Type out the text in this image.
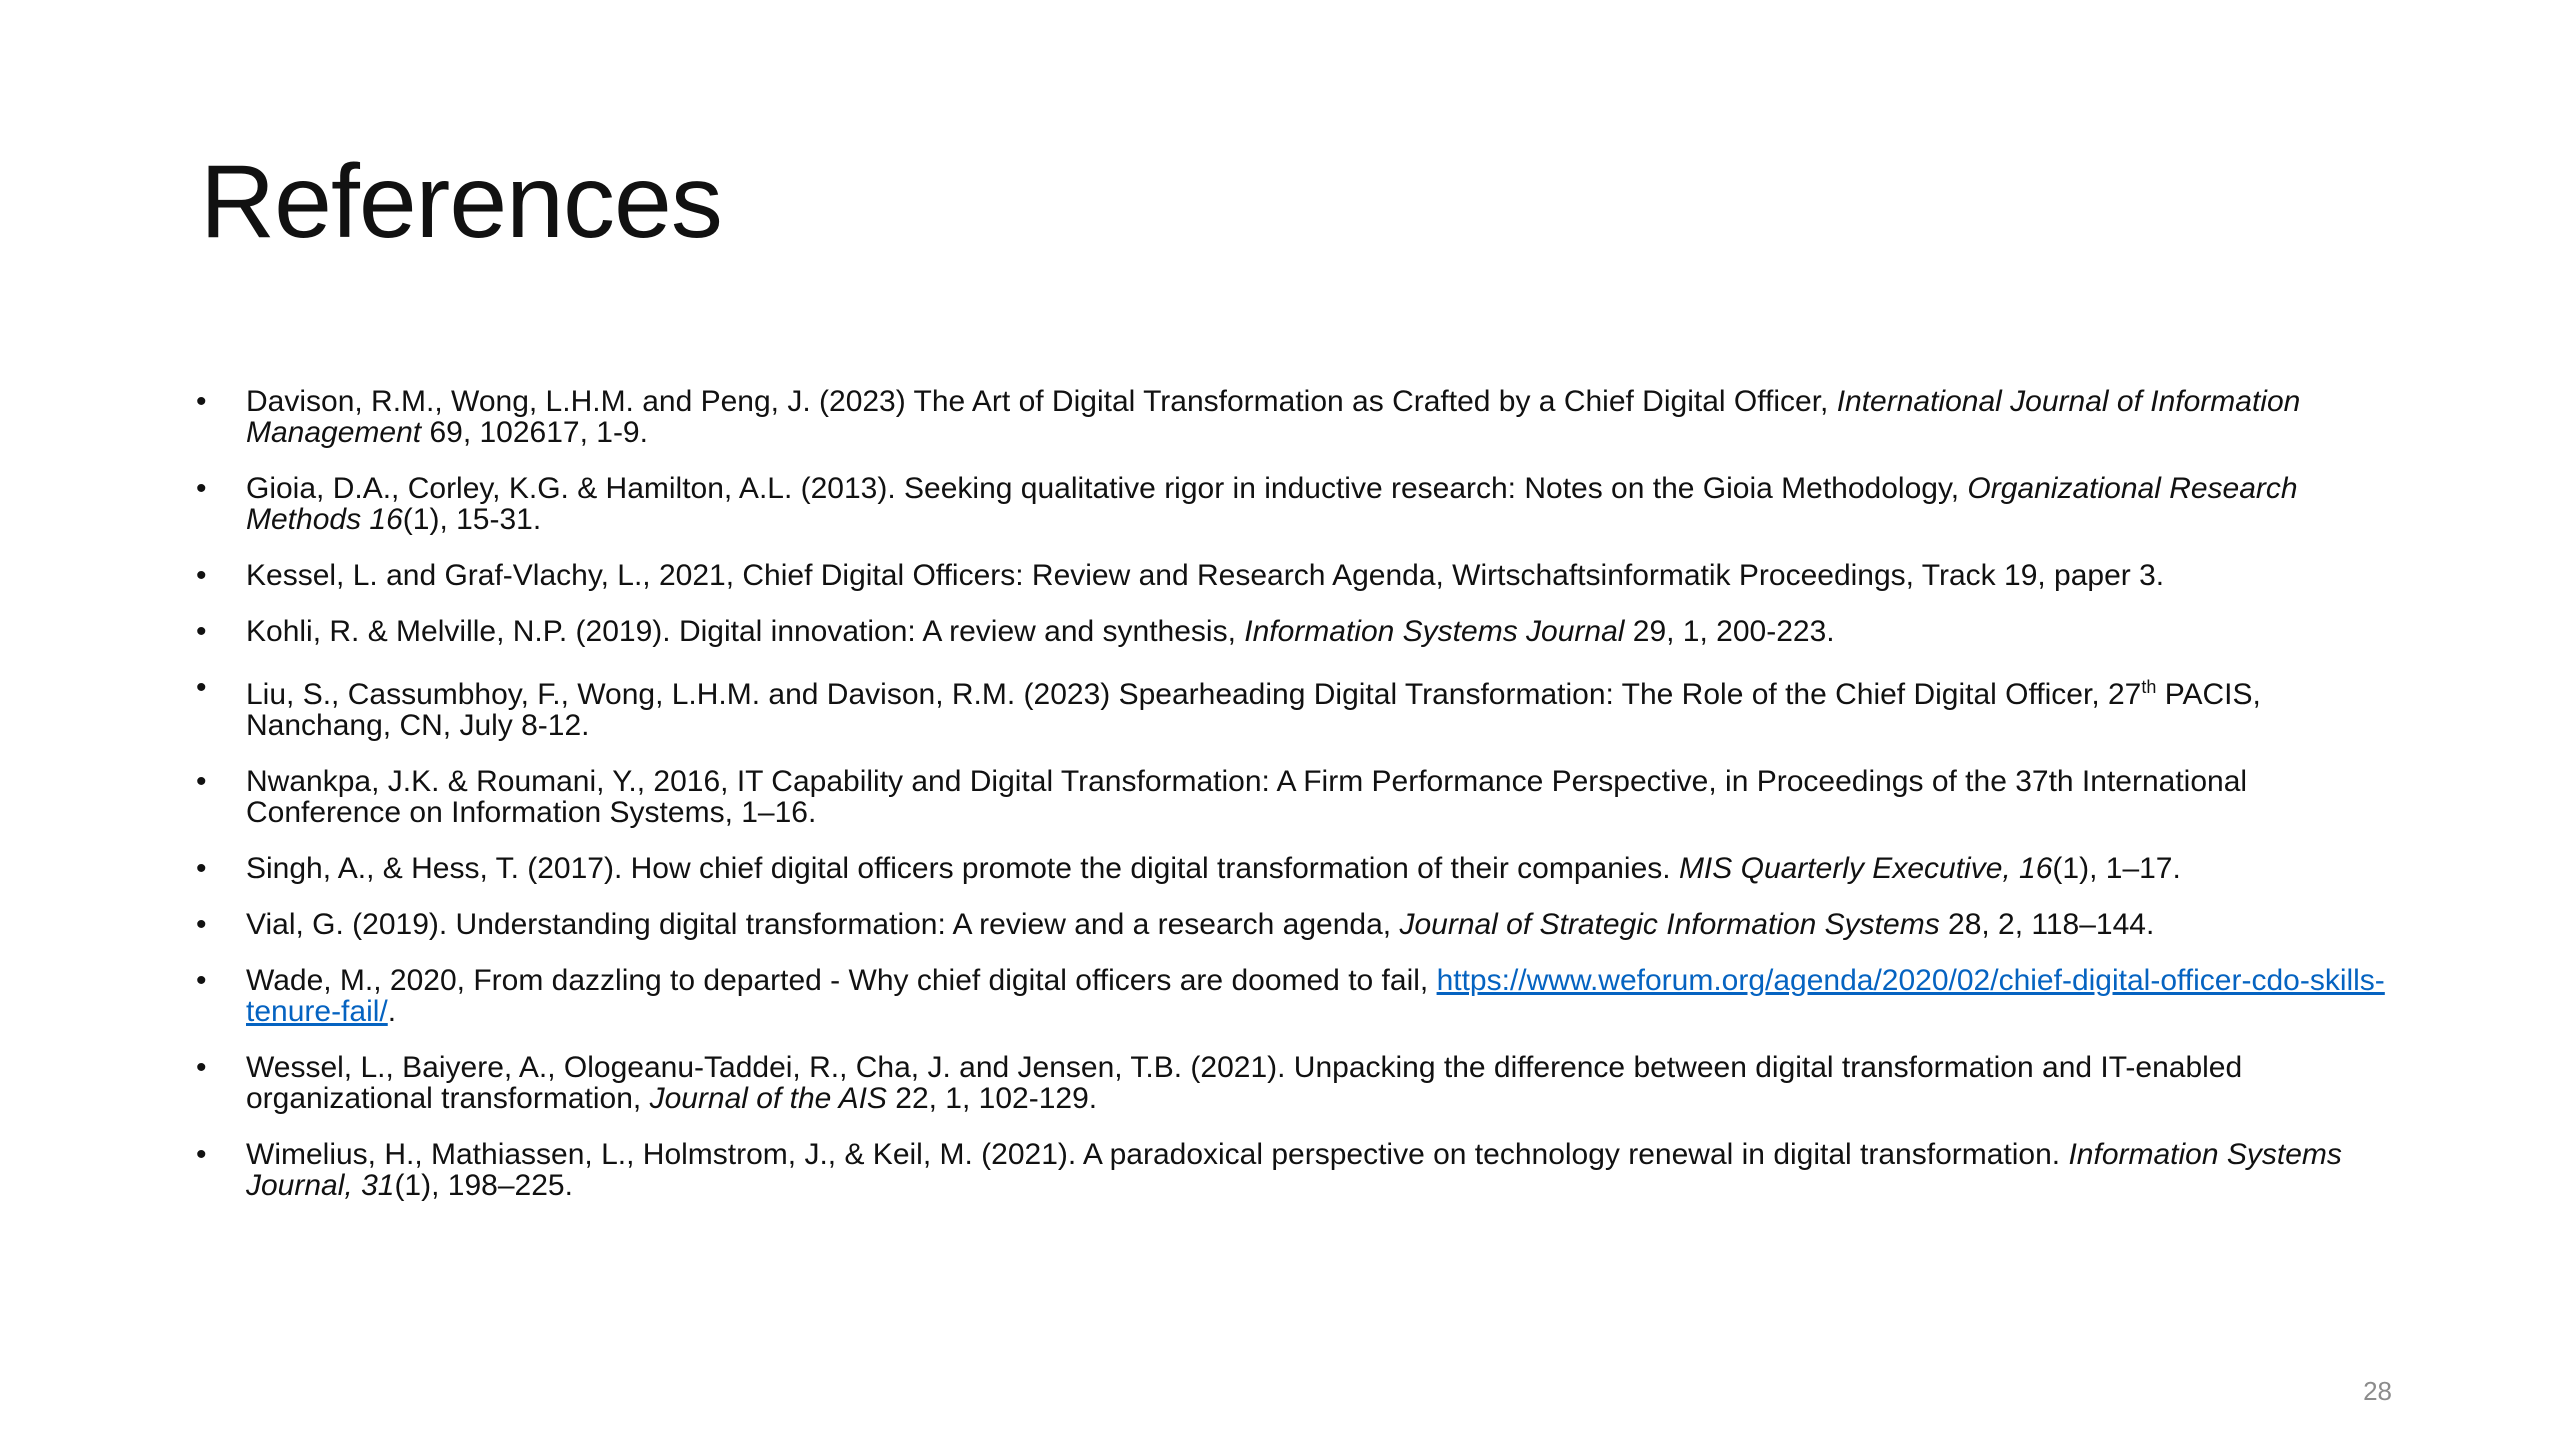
References
• Davison, R.M., Wong, L.H.M. and Peng, J. (2023) The Art of Digital Transformation as Crafted by a Chief Digital Officer, International Journal of Information Management 69, 102617, 1-9.
• Gioia, D.A., Corley, K.G. & Hamilton, A.L. (2013). Seeking qualitative rigor in inductive research: Notes on the Gioia Methodology, Organizational Research Methods 16(1), 15-31.
• Kessel, L. and Graf-Vlachy, L., 2021, Chief Digital Officers: Review and Research Agenda, Wirtschaftsinformatik Proceedings, Track 19, paper 3.
• Kohli, R. & Melville, N.P. (2019). Digital innovation: A review and synthesis, Information Systems Journal 29, 1, 200-223.
• Liu, S., Cassumbhoy, F., Wong, L.H.M. and Davison, R.M. (2023) Spearheading Digital Transformation: The Role of the Chief Digital Officer, 27th PACIS, Nanchang, CN, July 8-12.
• Nwankpa, J.K. & Roumani, Y., 2016, IT Capability and Digital Transformation: A Firm Performance Perspective, in Proceedings of the 37th International Conference on Information Systems, 1–16.
• Singh, A., & Hess, T. (2017). How chief digital officers promote the digital transformation of their companies. MIS Quarterly Executive, 16(1), 1–17.
• Vial, G. (2019). Understanding digital transformation: A review and a research agenda, Journal of Strategic Information Systems 28, 2, 118–144.
• Wade, M., 2020, From dazzling to departed - Why chief digital officers are doomed to fail, https://www.weforum.org/agenda/2020/02/chief-digital-officer-cdo-skills-tenure-fail/.
• Wessel, L., Baiyere, A., Ologeanu-Taddei, R., Cha, J. and Jensen, T.B. (2021). Unpacking the difference between digital transformation and IT-enabled organizational transformation, Journal of the AIS 22, 1, 102-129.
• Wimelius, H., Mathiassen, L., Holmstrom, J., & Keil, M. (2021). A paradoxical perspective on technology renewal in digital transformation. Information Systems Journal, 31(1), 198–225.
28
